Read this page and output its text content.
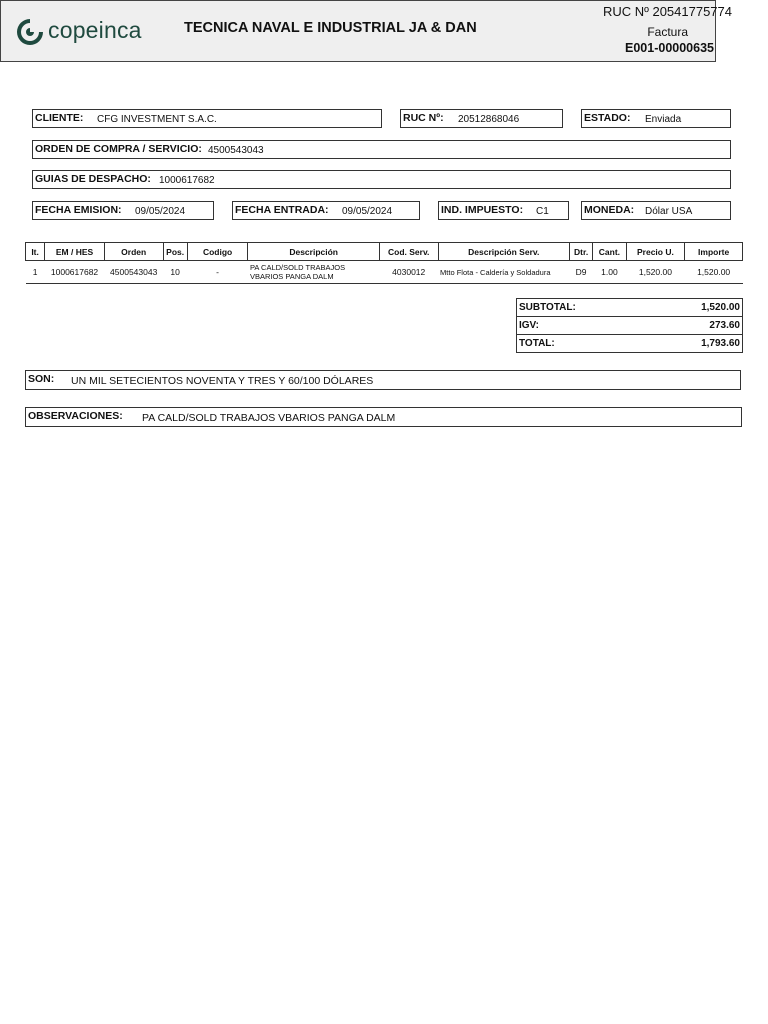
copeinca	TECNICA NAVAL E INDUSTRIAL JA & DAN
RUC Nº 20541775774
Factura
E001-00000635
CLIENTE: CFG INVESTMENT S.A.C.	RUC Nº: 20512868046	ESTADO: Enviada
ORDEN DE COMPRA / SERVICIO: 4500543043
GUIAS DE DESPACHO: 1000617682
FECHA EMISION: 09/05/2024	FECHA ENTRADA: 09/05/2024	IND. IMPUESTO: C1	MONEDA: Dólar USA
It.	EM / HES	Orden	Pos.	Codigo	Descripción	Cod. Serv.	Descripción Serv.	Dtr.	Cant.	Precio U.	Importe
1	1000617682	4500543043	10	-	PA CALD/SOLD TRABAJOS VBARIOS PANGA DALM	4030012	Mtto Flota - Caldería y Soldadura	D9	1.00	1,520.00	1,520.00
SUBTOTAL:	1,520.00
IGV:	273.60
TOTAL:	1,793.60
SON: UN MIL SETECIENTOS NOVENTA Y TRES Y 60/100 DÓLARES
OBSERVACIONES: PA CALD/SOLD TRABAJOS VBARIOS PANGA DALM
